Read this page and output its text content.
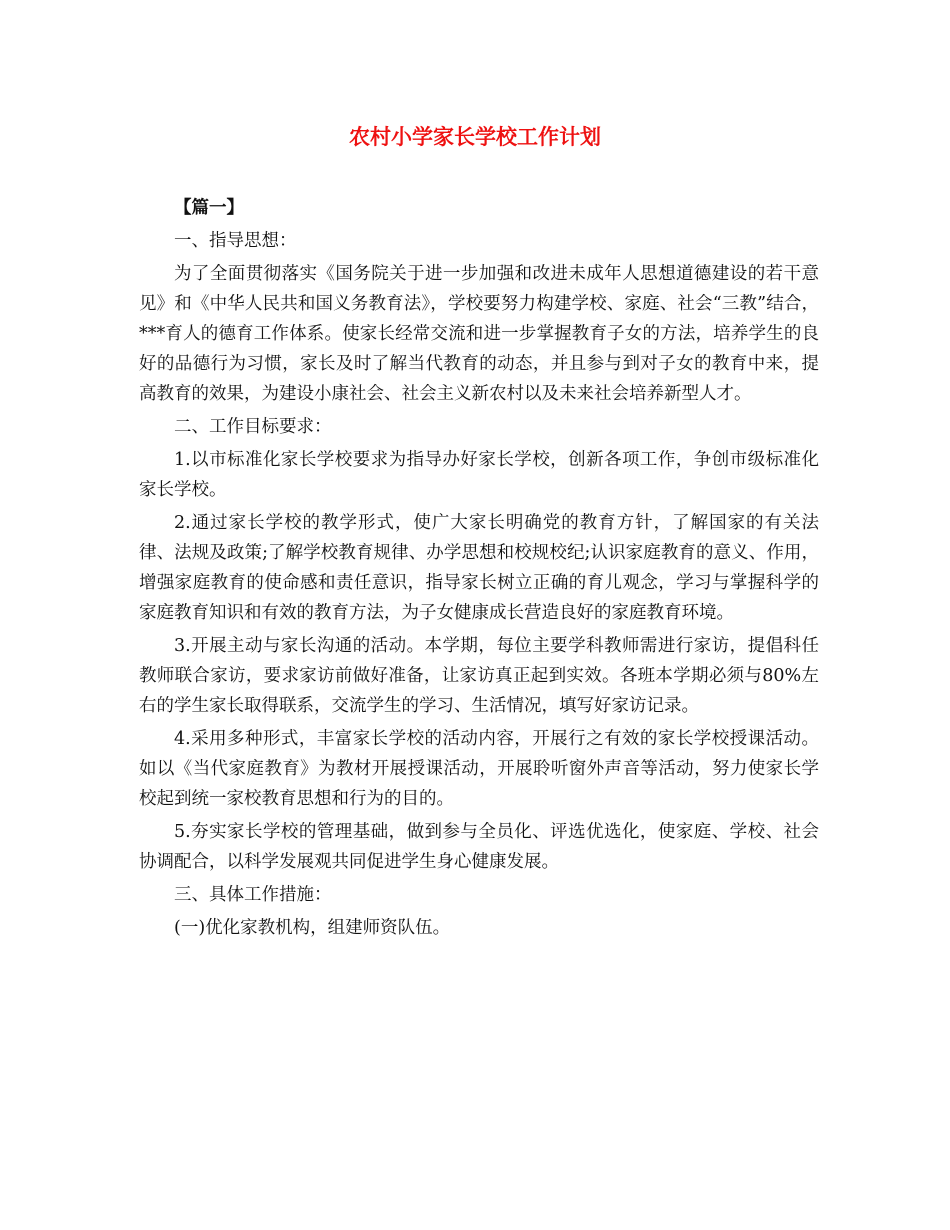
农村小学家长学校工作计划

【篇一】

一、指导思想：

为了全面贯彻落实《国务院关于进一步加强和改进未成年人思想道德建设的若干意见》和《中华人民共和国义务教育法》，学校要努力构建学校、家庭、社会“三教”结合，***育人的德育工作体系。使家长经常交流和进一步掌握教育子女的方法，培养学生的良好的品德行为习惯，家长及时了解当代教育的动态，并且参与到对子女的教育中来，提高教育的效果，为建设小康社会、社会主义新农村以及未来社会培养新型人才。

二、工作目标要求：

1.以市标准化家长学校要求为指导办好家长学校，创新各项工作，争创市级标准化家长学校。

2.通过家长学校的教学形式，使广大家长明确党的教育方针，了解国家的有关法律、法规及政策;了解学校教育规律、办学思想和校规校纪;认识家庭教育的意义、作用，增强家庭教育的使命感和责任意识，指导家长树立正确的育儿观念，学习与掌握科学的家庭教育知识和有效的教育方法，为子女健康成长营造良好的家庭教育环境。

3.开展主动与家长沟通的活动。本学期，每位主要学科教师需进行家访，提倡科任教师联合家访，要求家访前做好准备，让家访真正起到实效。各班本学期必须与80%左右的学生家长取得联系，交流学生的学习、生活情况，填写好家访记录。

4.采用多种形式，丰富家长学校的活动内容，开展行之有效的家长学校授课活动。如以《当代家庭教育》为教材开展授课活动，开展聆听窗外声音等活动，努力使家长学校起到统一家校教育思想和行为的目的。

5.夯实家长学校的管理基础，做到参与全员化、评选优选化，使家庭、学校、社会协调配合，以科学发展观共同促进学生身心健康发展。

三、具体工作措施：

(一)优化家教机构，组建师资队伍。
